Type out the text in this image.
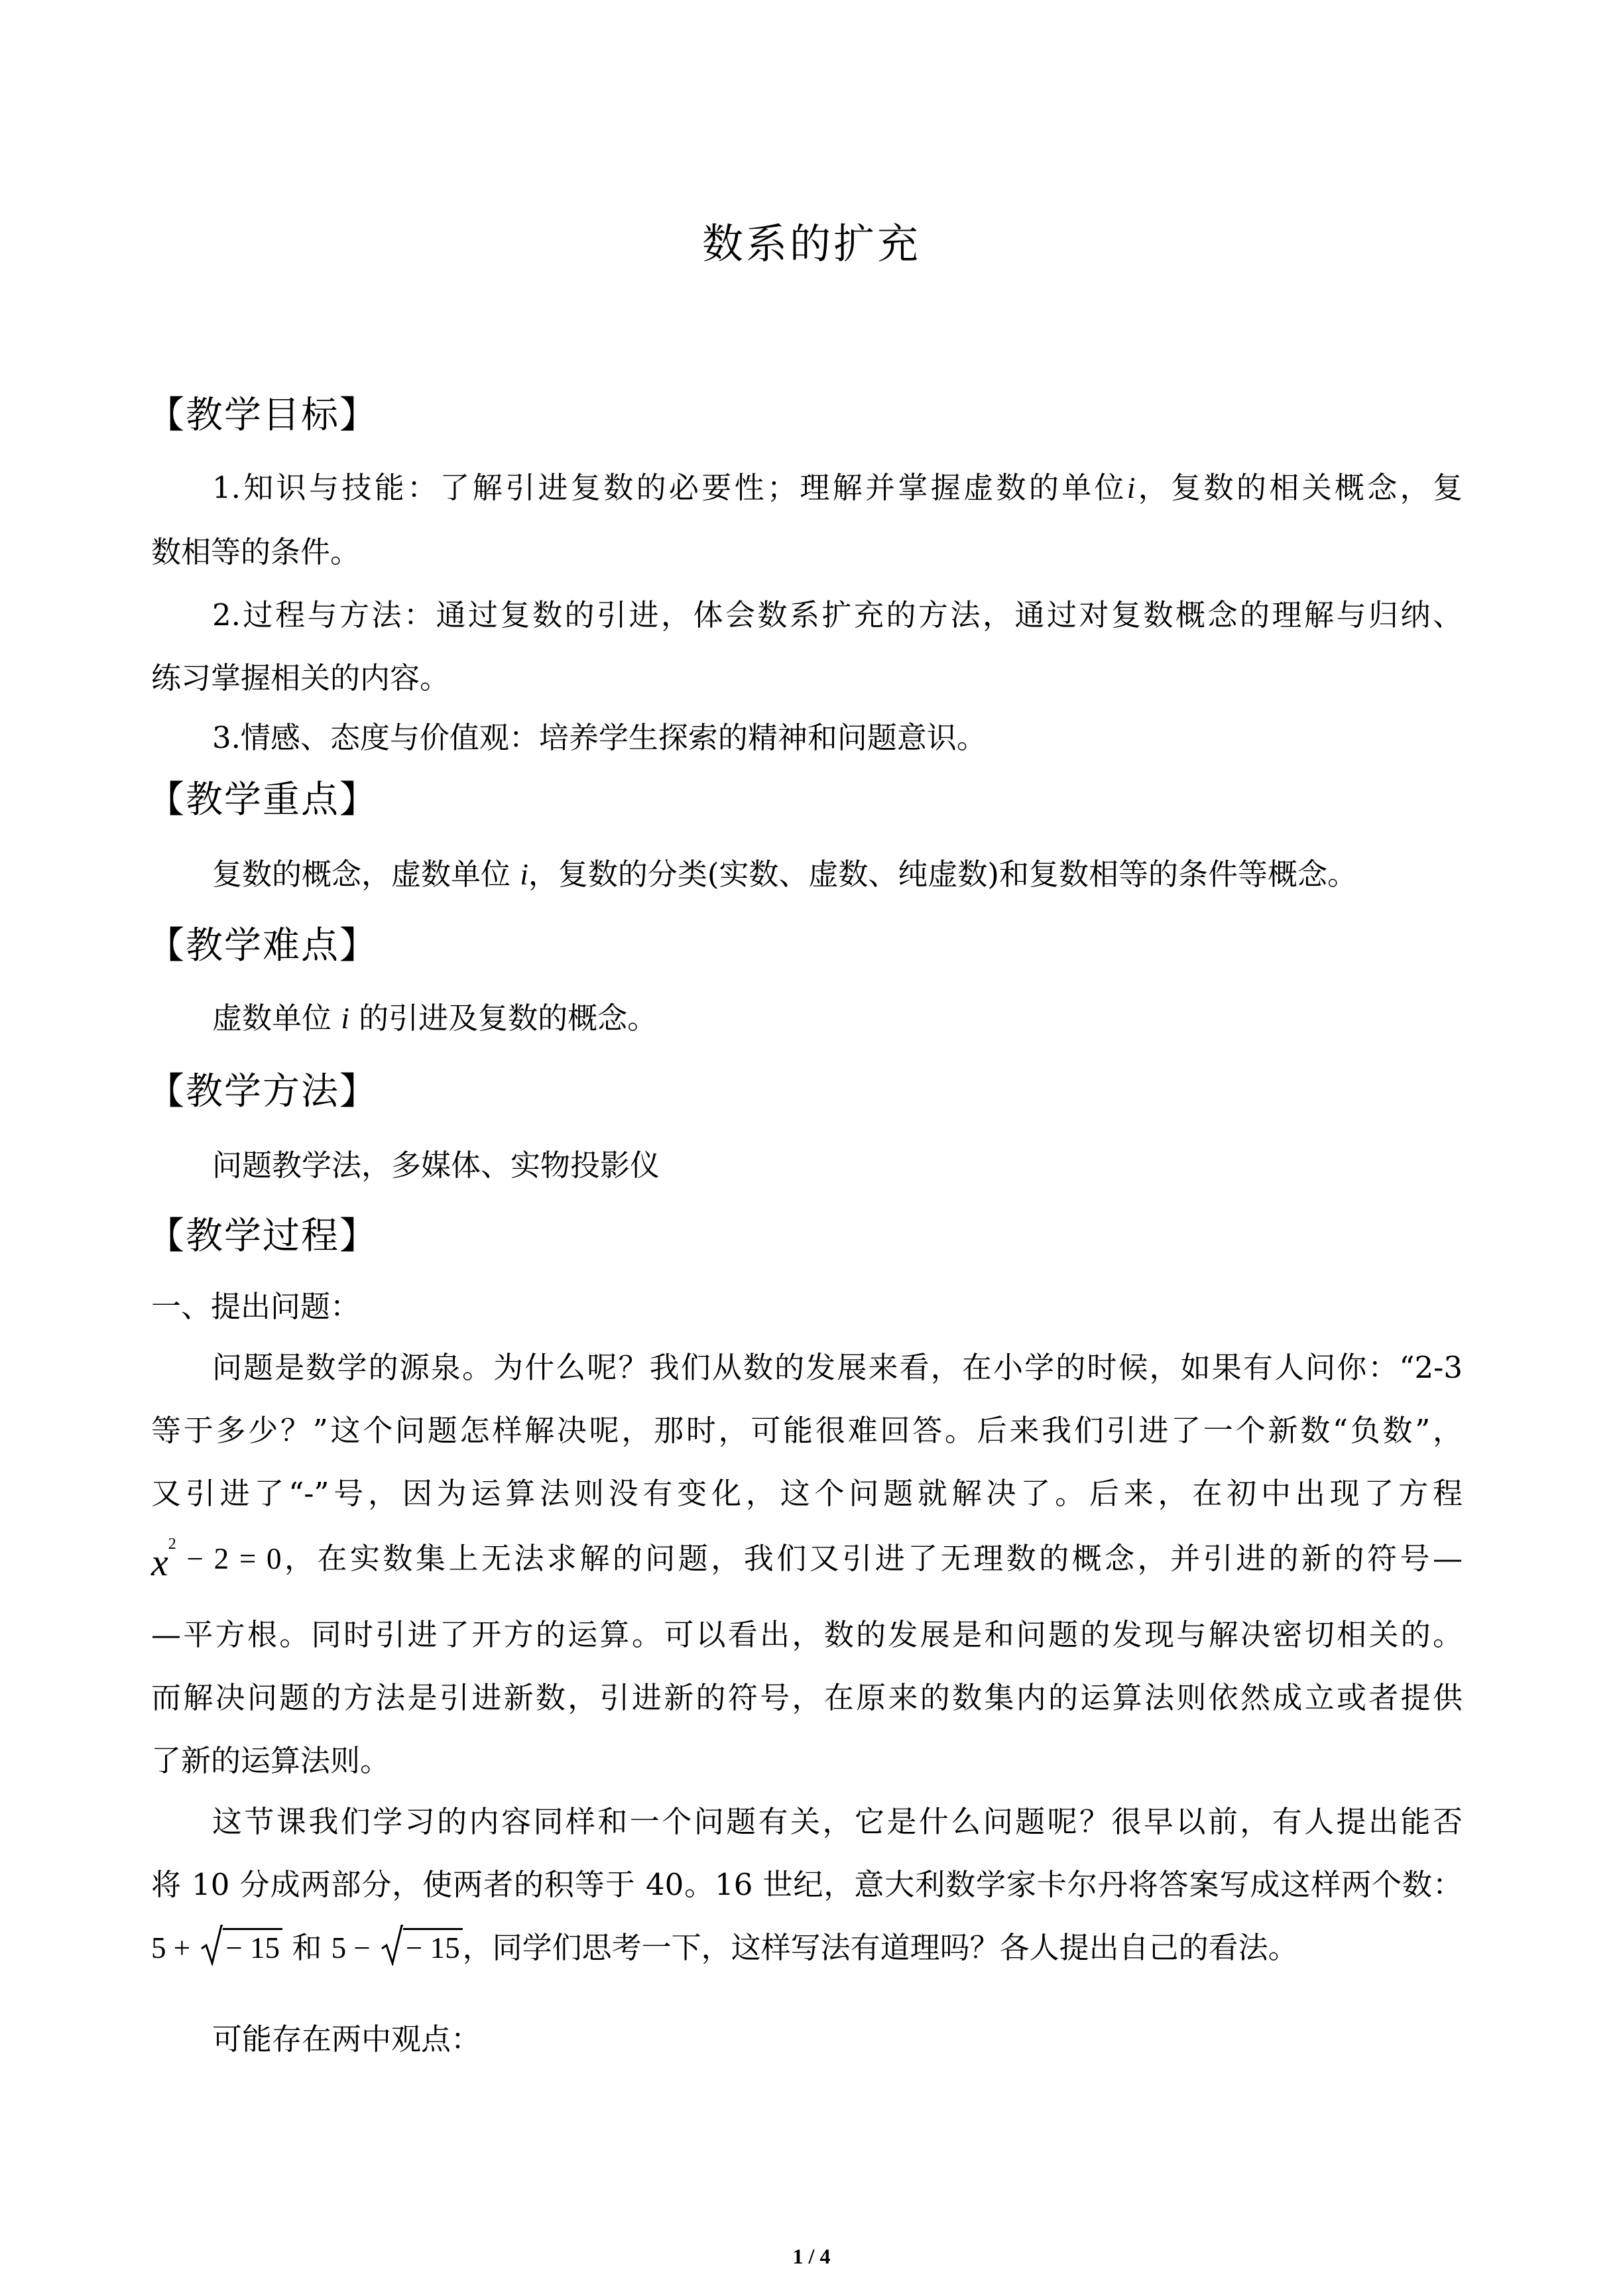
数系的扩充
【教学目标】
1.知识与技能：了解引进复数的必要性；理解并掌握虚数的单位i，复数的相关概念，复
数相等的条件。
2.过程与方法：通过复数的引进，体会数系扩充的方法，通过对复数概念的理解与归纳、
练习掌握相关的内容。
3.情感、态度与价值观：培养学生探索的精神和问题意识。
【教学重点】
复数的概念，虚数单位 i，复数的分类(实数、虚数、纯虚数)和复数相等的条件等概念。
【教学难点】
虚数单位 i 的引进及复数的概念。
【教学方法】
问题教学法，多媒体、实物投影仪
【教学过程】
一、提出问题：
问题是数学的源泉。为什么呢？我们从数的发展来看，在小学的时候，如果有人问你：“2-3
等于多少？”这个问题怎样解决呢，那时，可能很难回答。后来我们引进了一个新数“负数”，
又引进了“-”号，因为运算法则没有变化，这个问题就解决了。后来，在初中出现了方程
$x^2 - 2 = 0$，在实数集上无法求解的问题，我们又引进了无理数的概念，并引进的新的符号—
—平方根。同时引进了开方的运算。可以看出，数的发展是和问题的发现与解决密切相关的。
而解决问题的方法是引进新数，引进新的符号，在原来的数集内的运算法则依然成立或者提供
了新的运算法则。
这节课我们学习的内容同样和一个问题有关，它是什么问题呢？很早以前，有人提出能否
将 10 分成两部分，使两者的积等于 40。16 世纪，意大利数学家卡尔丹将答案写成这样两个数：
5 +
− 15 和 5 −
− 15，同学们思考一下，这样写法有道理吗？各人提出自己的看法。
可能存在两中观点：
1 / 4
